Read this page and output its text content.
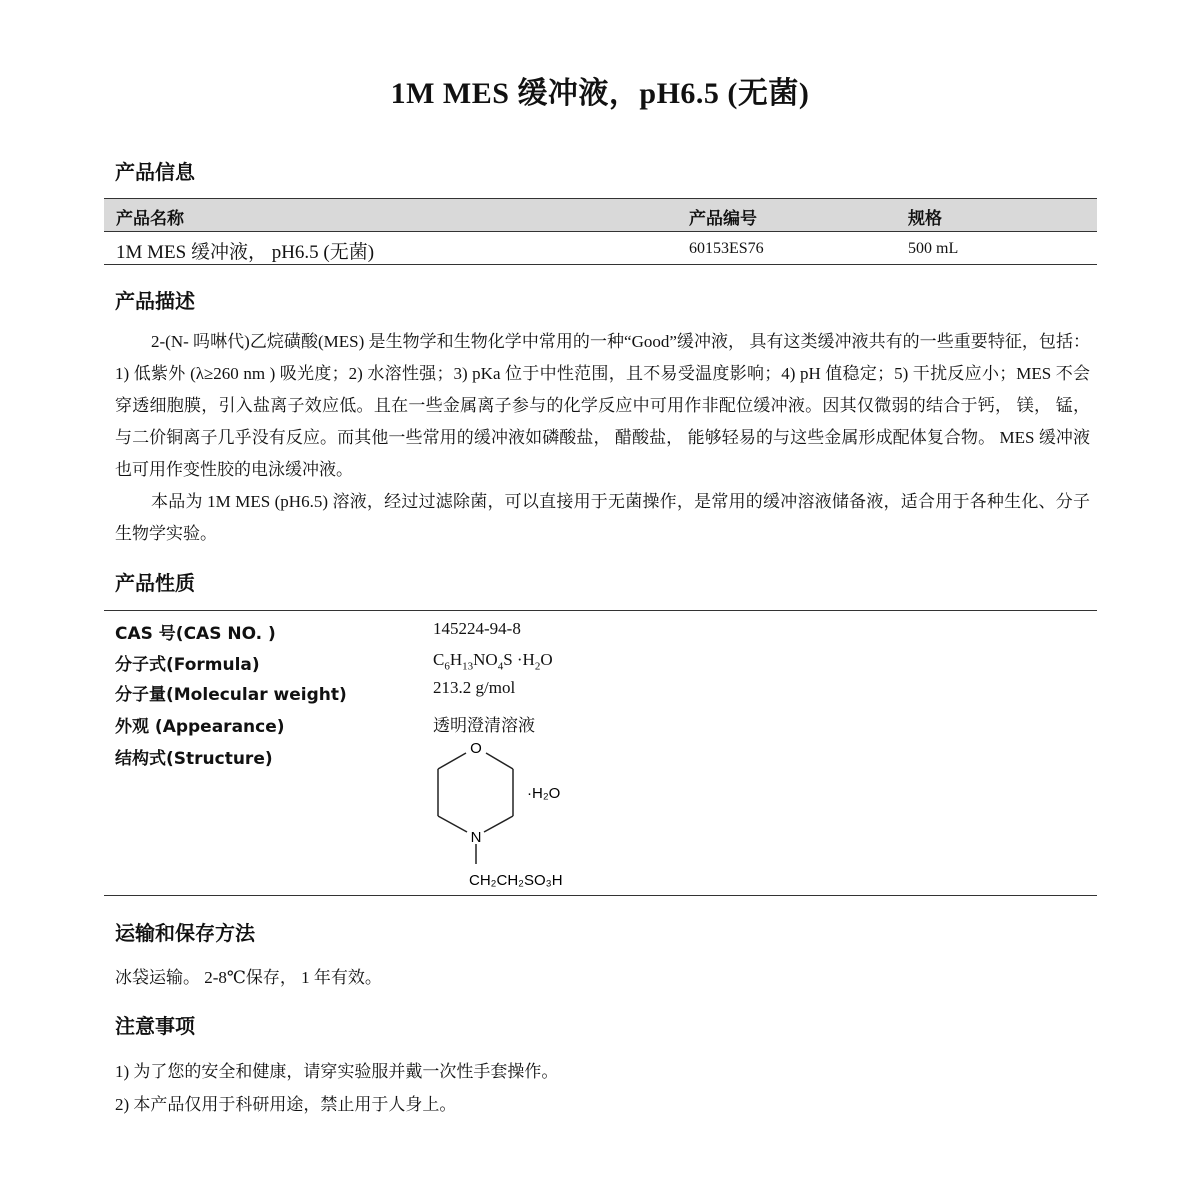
1M MES 缓冲液，pH6.5 (无菌)
产品信息
产品名称	产品编号	规格
1M MES 缓冲液， pH6.5 (无菌)	60153ES76	500 mL
产品描述

2-(N- 吗啉代)乙烷磺酸(MES) 是生物学和生物化学中常用的一种“Good”缓冲液， 具有这类缓冲液共有的一些重要特征，包括：1) 低紫外 (λ≥260 nm ) 吸光度；2) 水溶性强；3) pKa 位于中性范围，且不易受温度影响；4) pH 值稳定；5) 干扰反应小；MES 不会穿透细胞膜，引入盐离子效应低。且在一些金属离子参与的化学反应中可用作非配位缓冲液。因其仅微弱的结合于钙， 镁， 锰， 与二价铜离子几乎没有反应。而其他一些常用的缓冲液如磷酸盐， 醋酸盐， 能够轻易的与这些金属形成配体复合物。 MES 缓冲液也可用作变性胶的电泳缓冲液。

本品为 1M MES (pH6.5) 溶液，经过过滤除菌，可以直接用于无菌操作，是常用的缓冲溶液储备液，适合用于各种生化、分子生物学实验。

产品性质
CAS 号(CAS NO. )	145224-94-8
分子式(Formula)	$C_6H_{13}NO_4S \cdot H_2O$
分子量(Molecular weight)	213.2 g/mol
外观 (Appearance)	透明澄清溶液
结构式(Structure)
O
N
·H₂O
CH₂CH₂SO₃H
运输和保存方法
冰袋运输。 2-8℃保存， 1 年有效。
注意事项
1) 为了您的安全和健康，请穿实验服并戴一次性手套操作。
2) 本产品仅用于科研用途，禁止用于人身上。
